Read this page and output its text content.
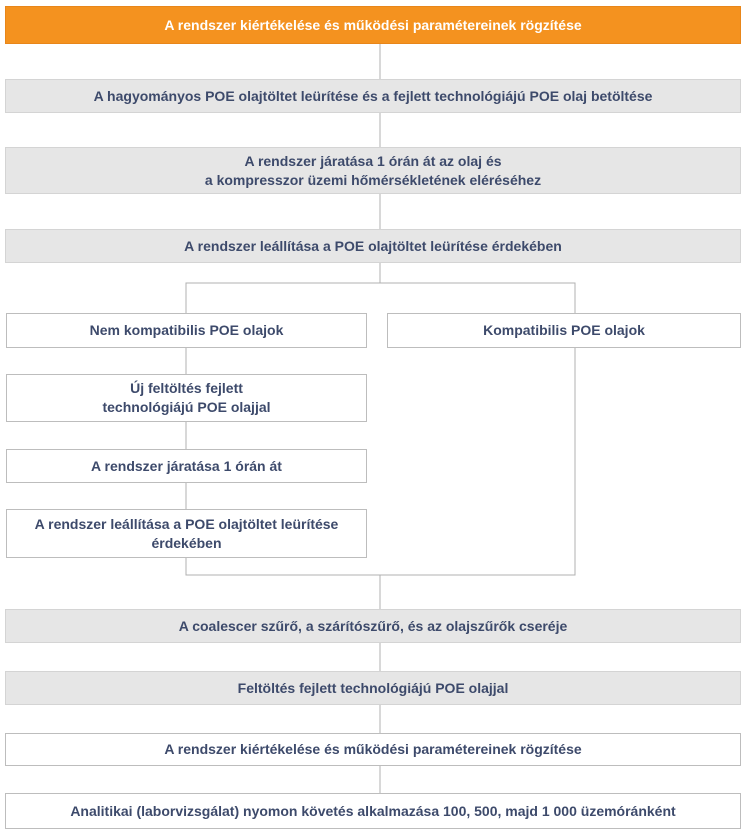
A rendszer kiértékelése és működési paramétereinek rögzítése
A hagyományos POE olajtöltet leürítése és a fejlett technológiájú POE olaj betöltése
A rendszer járatása 1 órán át az olaj és
a kompresszor üzemi hőmérsékletének eléréséhez
A rendszer leállítása a POE olajtöltet leürítése érdekében
Nem kompatibilis POE olajok	Kompatibilis POE olajok
Új feltöltés fejlett
technológiájú POE olajjal
A rendszer járatása 1 órán át
A rendszer leállítása a POE olajtöltet leürítése
érdekében
A coalescer szűrő, a szárítószűrő, és az olajszűrők cseréje
Feltöltés fejlett technológiájú POE olajjal
A rendszer kiértékelése és működési paramétereinek rögzítése
Analitikai (laborvizsgálat) nyomon követés alkalmazása 100, 500, majd 1 000 üzemóránként
